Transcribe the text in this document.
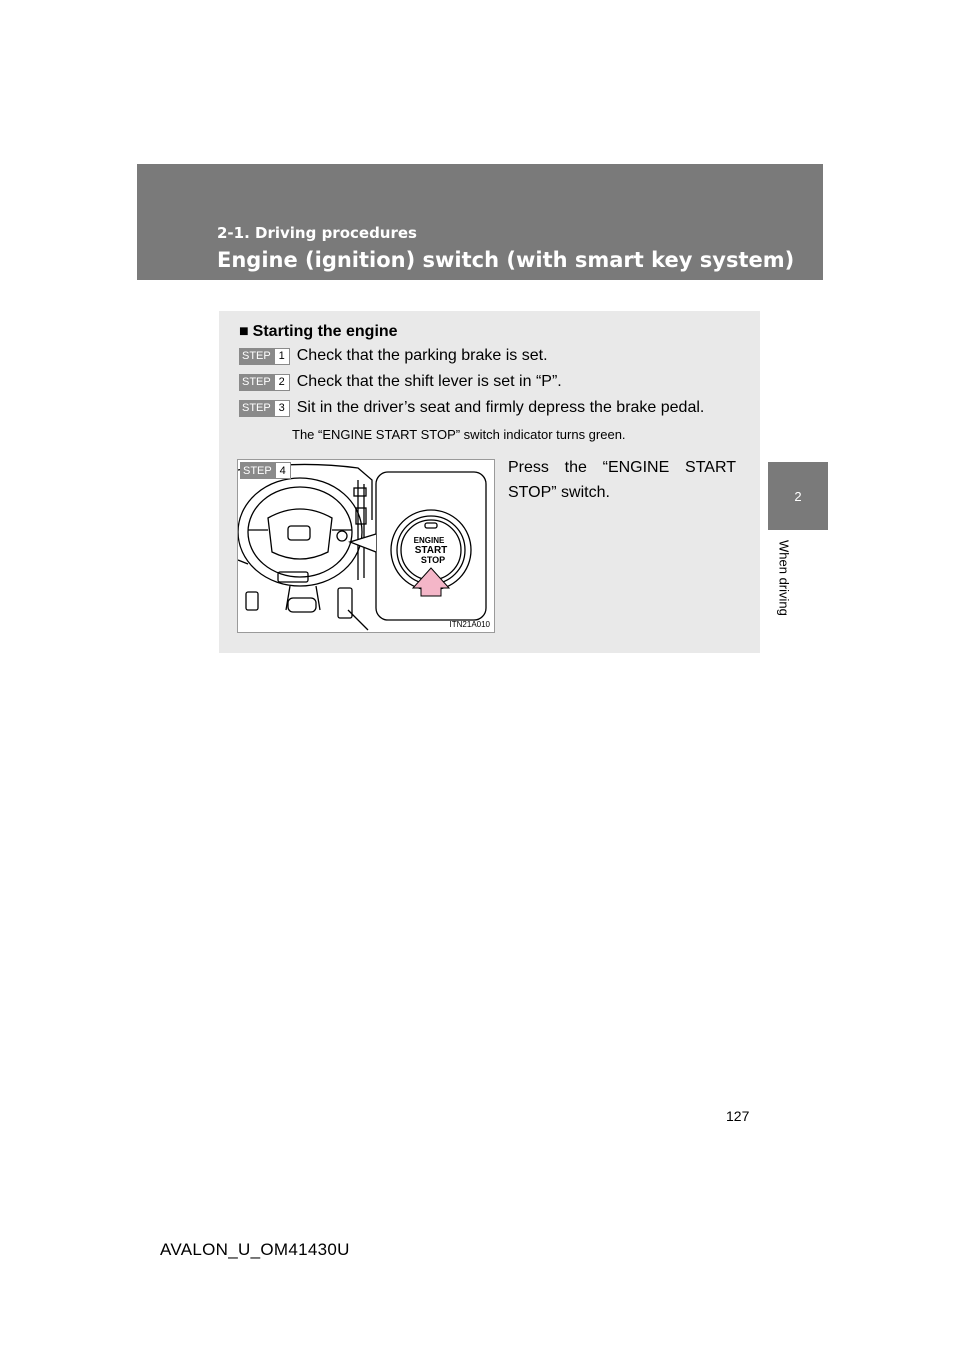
2-1. Driving procedures
Engine (ignition) switch (with smart key system)
2
When driving
■ Starting the engine
STEP 1 Check that the parking brake is set.
STEP 2 Check that the shift lever is set in “P”.
STEP 3 Sit in the driver’s seat and firmly depress the brake pedal.
The “ENGINE START STOP” switch indicator turns green.
STEP 4
ENGINE
START
STOP
ITN21A010
Press the “ENGINE START STOP” switch.
127
AVALON_U_OM41430U
